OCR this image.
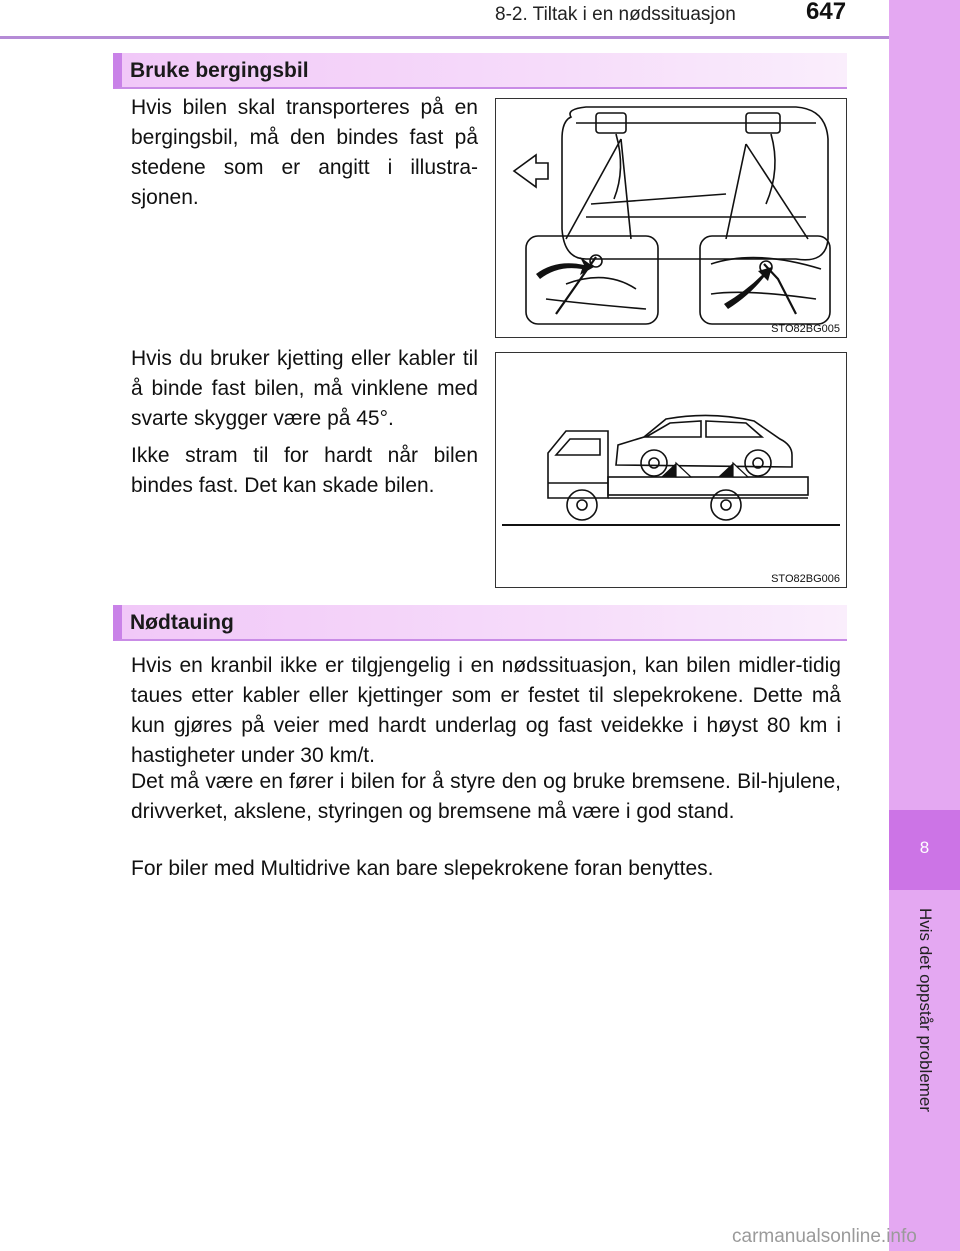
8-2. Tiltak i en nødssituasjon	647
8
Hvis det oppstår problemer
Bruke bergingsbil
Hvis bilen skal transporteres på en bergingsbil, må den bindes fast på stedene som er angitt i illustra-sjonen.
Hvis du bruker kjetting eller kabler til å binde fast bilen, må vinklene med svarte skygger være på 45°.
Ikke stram til for hardt når bilen bindes fast. Det kan skade bilen.
STO82BG005
STO82BG006
Nødtauing
Hvis en kranbil ikke er tilgjengelig i en nødssituasjon, kan bilen midler-tidig taues etter kabler eller kjettinger som er festet til slepekrokene. Dette må kun gjøres på veier med hardt underlag og fast veidekke i høyst 80 km i hastigheter under 30 km/t.
Det må være en fører i bilen for å styre den og bruke bremsene. Bil-hjulene, drivverket, akslene, styringen og bremsene må være i god stand.
For biler med Multidrive kan bare slepekrokene foran benyttes.
carmanualsonline.info
